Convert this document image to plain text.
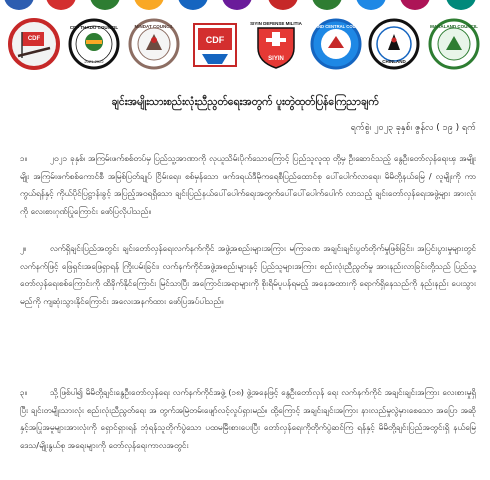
CDF
CDF THADO COUNCIL
2021-2022
MINDAT COUNCIL
CDF
SIYIN DEFENSE MILITIA
SIYIN
ZOLAND CENTRAL COUNCIL
CHINLAND
MARALAND COUNCIL
ချင်းအမျိုးသားစည်းလုံးညီညွတ်ရေးအတွက် ပူးတွဲထုတ်ပြန်ကြေညာချက်
ရက်စွဲ၊ ၂၀၂၃ ခုနှစ်၊ ဇွန်လ ( ၁၉ ) ရက်
၁။	၂၀၂၁ ခုနှစ်၊ အကြမ်းဖက်စစ်တပ်မှ ပြည်သူ့အာဏာကို လုယူသိမ်းပိုက်သောကြောင့် ပြည်သူလူထု တို့မှ ဦးဆောင်သည့် နွေဦးတော်လှန်ရေးၾ အမျိုးမျိုး အကြမ်းဖက်စစ်ကောင်စီ အမြစ်ပြတ်ချုပ် ငြိမ်းရေး၊ စစ်မှန်သော ဖက်ဒရယ်ဒီမိုကရေစီပြည်ထောင်စု ပေါ်ပေါက်လာရေး၊ မိမိတို့နယ်မြေ / လူမျိုးကို ကာကွယ်ရန်နှင့် ကိုယ်ပိုင်ပြဋ္ဌာန်းခွင့် အပြည့်အဝရရှိသော ချင်းပြည်နယ်ပေါ်ပေါက်ရေးအတွက်ပေါ်ပေါ်ပေါက်ပေါက် လာသည့် ချင်းတော်လှန်ရေးအဖွဲ့များ အားလုံးကို လေးစားဂုဏ်ပြုကြောင်း ဖော်ပြလိုပါသည်။
၂။	လက်ရှိချင်းပြည်အတွင်း ချင်းတော်လှန်ရေးလက်နက်ကိုင် အဖွဲ့အစည်းများအကြား မကြာခဏ အချင်းချင်းပွတ်တိုက်မှုဖြစ်ခြင်း၊ အပြင်းပွားမှုများတွင် လက်နက်ဖြင့် ဖြေရှင်းအဖြေရှာရန် ကြိုးပမ်းခြင်း၊ လက်နက်ကိုင်အဖွဲ့အစည်းများနှင့် ပြည်သူများအကြား စည်းလုံးညီညွတ်မှု အားနည်းလာခြင်းတို့သည် ပြည်သူ့တော်လှန်ရေးစစ်ကြောင်းကို ထိခိုက်နိုင်ကြောင်း မြင်သာပြီး အကြောင်းအရာများကို စိုးရိမ်ပူပန်ရမည့် အနေအထားကို ရောက်ရှိနေသည်ကို နည်းနည်း ပေးသွားမည်ကို ကျဆုံးသွားနိုင်ကြောင်း အလေးအနက်ထား ဖော်ပြအပ်ပါသည်။
၃။	သို့ဖြစ်ပါ၍ မိမိတို့ချင်းနွေဦးတော်လှန်ရေး လက်နက်ကိုင်အဖွဲ့ (၁၈) ဖွဲ့အနေဖြင့် နွေဦးတော်လှန် ရေး လက်နက်ကိုင် အချင်းချင်းအကြား လေးစားမှုရှိပြီး ချင်းတမျိုးသားလုံး စည်းလုံးညီညွတ်ရေး အ တွက်အမြဲတမ်းဖျော်လင့်လှုပ်ရှားမည်။ ထို့ကြောင့် အချင်းချင်းအကြား နားလည်မှုလွဲမှားစေသော အပြော အဆိုနှင့်အပြုအမူများအားလုံးကို ရှောင်ရှားရန် ဘုံရန်သူတိုက်ပွဲသော ပထမမြီးစားပေးပြီး တော်လှန်ရေးကိုတိုက်ပွဲဆင်ကြ ရန်နှင့် မိမိတို့ချင်းပြည်အတွင်းရှိ နယ်မြေဒေသ/မျိုးနွယ်စု အရေးများကို တော်လှန်ရေးကာလအတွင်း
